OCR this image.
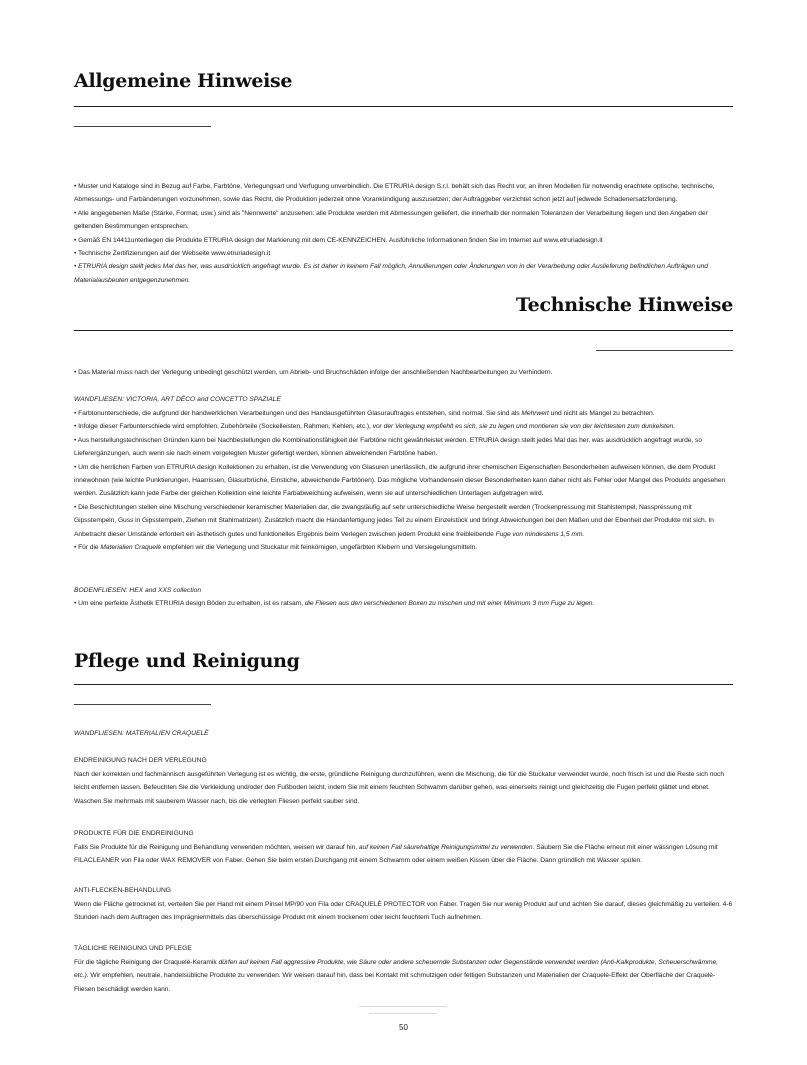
Allgemeine Hinweise
• Muster und Kataloge sind in Bezug auf Farbe, Farbtöne, Verlegungsart und Verfugung unverbindlich. Die ETRURIA design S.r.l. behält sich das Recht vor, an ihren Modellen für notwendig erachtete optische, technische, Abmessungs- und Farbänderungen vorzunehmen, sowie das Recht, die Produktion jederzeit ohne Vorankündigung auszusetzen; der Auftraggeber verzichtet schon jetzt auf jedwede Schadenersatzforderung.
• Alle angegebenen Maße (Stärke, Format, usw.) sind als "Nennwerte" anzusehen: alle Produkte werden mit Abmessungen geliefert, die innerhalb der normalen Toleranzen der Verarbeitung liegen und den Angaben der geltenden Bestimmungen entsprechen.
• Gemäß EN 14411unterliegen die Produkte ETRURIA design der Markierung mit dem CE-KENNZEICHEN. Ausführliche Informationen finden Sie im Internet auf www.etruriadesign.it
• Technische Zertifizierungen auf der Webseite www.etruriadesign.it
• ETRURIA design stellt jedes Mal das her, was ausdrücklich angefragt wurde. Es ist daher in keinem Fall möglich, Annullierungen oder Änderungen von in der Verarbeitung oder Auslieferung befindlichen Aufträgen und Materialausbeuten entgegenzunehmen.
Technische Hinweise
• Das Material muss nach der Verlegung unbedingt geschützt werden, um Abrieb- und Bruchschäden infolge der anschließenden Nachbearbeitungen zu Verhindern.
WANDFLIESEN: VICTORIA, ART DÉCO and CONCETTO SPAZIALE
• Farbtonunterschiede, die aufgrund der handwerklichen Verarbeitungen und des Handausgeführten Glasurauftrages entstehen, sind normal. Sie sind als Mehrwert und nicht als Mangel zu betrachten.
• Infolge dieser Farbunterschiede wird empfohlen, Zubehörteile (Sockelleisten, Rahmen, Kehlen, etc.), vor der Verlegung empfiehlt es sich, sie zu legen und montieren sie von der leichtesten zum dunkelsten.
• Aus herstellungstechnischen Gründen kann bei Nachbestellungen die Kombinationsfähigkeit der Farbtöne nicht gewährleistet werden. ETRURIA design stellt jedes Mal das her, was ausdrücklich angefragt wurde, so Lieferergänzungen, auch wenn sie nach einem vorgelegten Muster gefertigt werden, können abweichenden Farbtöne haben.
• Um die herrlichen Farben von ETRURIA design Kollektionen zu erhalten, ist die Verwendung von Glasuren unerlässlich, die aufgrund ihrer chemischen Eigenschaften Besonderheiten aufweisen können, die dem Produkt innewohnen (wie leichte Punktierungen, Haarrissen, Glasurbrüche, Einstiche, abweichende Farbtönen). Das mögliche Vorhandensein dieser Besonderheiten kann daher nicht als Fehler oder Mangel des Produkts angesehen werden. Zusätzlich kann jede Farbe der gleichen Kollektion eine leichte Farbabweichung aufweisen, wenn sie auf unterschiedlichen Unterlagen aufgetragen wird.
• Die Beschichtungen stellen eine Mischung verschiedener keramischer Materialien dar, die zwangsläufig auf sehr unterschiedliche Weise hergestellt werden (Trockenpressung mit Stahlstempel, Nasspressung mit Gipsstempeln, Guss in Gipsstempeln, Ziehen mit Stahlmatrizen). Zusätzlich macht die Handanfertigung jedes Teil zu einem Einzelstück und bringt Abweichungen bei den Maßen und der Ebenheit der Produkte mit sich. In Anbetracht dieser Umstände erfordert ein ästhetisch gutes und funktionelles Ergebnis beim Verlegen zwischen jedem Produkt eine freibleibende Fuge von mindestens 1,5 mm.
• Für die Materialien Craquelè empfehlen wir die Verlegung und Stuckatur mit feinkörnigen, ungefärbten Klebern und Versiegelungsmitteln.
BODENFLIESEN: HEX and XXS collection
• Um eine perfekte Ästhetik ETRURIA design Böden zu erhalten, ist es ratsam, die Fliesen aus den verschiedenen Boxen zu mischen und mit einer Minimum 3 mm Fuge zu legen.
Pflege und Reinigung
WANDFLIESEN: MATERIALIEN CRAQUELÈ
ENDREINIGUNG NACH DER VERLEGUNG
Nach der korrekten und fachmännisch ausgeführten Verlegung ist es wichtig, die erste, gründliche Reinigung durchzuführen, wenn die Mischung, die für die Stuckatur verwendet wurde, noch frisch ist und die Reste sich noch leicht entfernen lassen. Befeuchten Sie die Verkleidung und/oder den Fußboden leicht, indem Sie mit einem feuchten Schwamm darüber gehen, was einerseits reinigt und gleichzeitig die Fugen perfekt glättet und ebnet. Waschen Sie mehrmals mit sauberem Wasser nach, bis die verlegten Fliesen perfekt sauber sind.
PRODUKTE FÜR DIE ENDREINIGUNG
Falls Sie Produkte für die Reinigung und Behandlung verwenden möchten, weisen wir darauf hin, auf keinen Fall säurehaltige Reinigungsmittel zu verwenden. Säubern Sie die Fläche erneut mit einer wässrigen Lösung mit FILACLEANER von Fila oder WAX REMOVER von Faber. Gehen Sie beim ersten Durchgang mit einem Schwamm oder einem weißen Kissen über die Fläche. Dann gründlich mit Wasser spülen.
ANTI-FLECKEN-BEHANDLUNG
Wenn die Fläche getrocknet ist, verteilen Sie per Hand mit einem Pinsel MP/90 von Fila oder CRAQUELÈ PROTECTOR von Faber. Tragen Sie nur wenig Produkt auf und achten Sie darauf, dieses gleichmäßig zu verteilen. 4-6 Stunden nach dem Auftragen des Imprägniermittels das überschüssige Produkt mit einem trockenem oder leicht feuchtem Tuch aufnehmen.
TÄGLICHE REINIGUNG UND PFLEGE
Für die tägliche Reinigung der Craquelè-Keramik dürfen auf keinen Fall aggressive Produkte, wie Säure oder andere scheuernde Substanzen oder Gegenstände verwendet werden (Anti-Kalkprodukte, Scheuerschwämme, etc.). Wir empfehlen, neutrale, handelsübliche Produkte zu verwenden. Wir weisen darauf hin, dass bei Kontakt mit schmutzigen oder fettigen Substanzen und Materialien der Craquelè-Effekt der Oberfläche der Craquelè-Fliesen beschädigt werden kann.
50
